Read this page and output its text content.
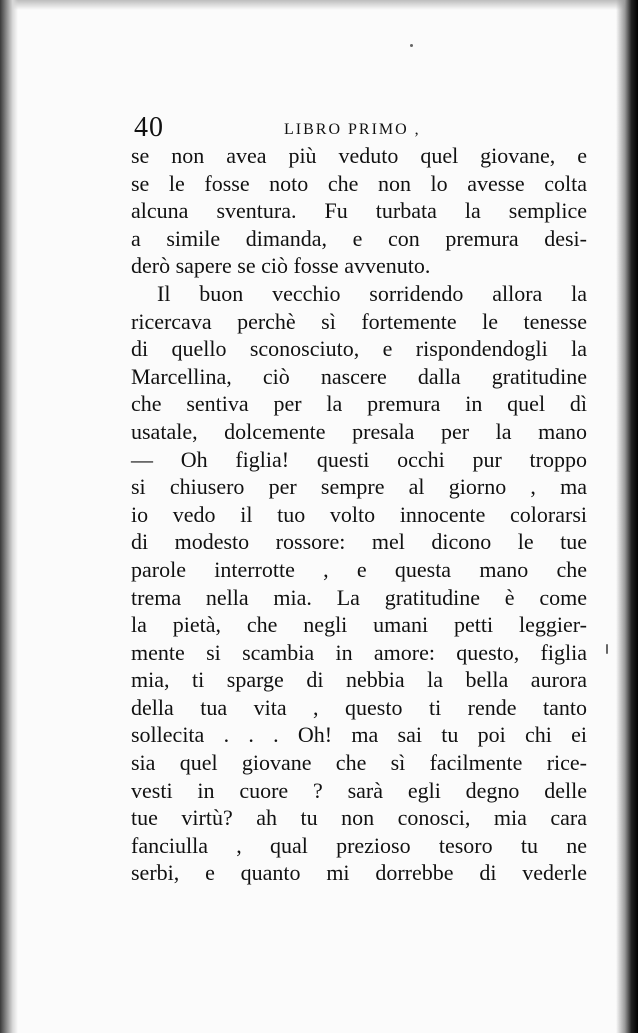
40	LIBRO PRIMO ,
se non avea più veduto quel giovane, e
se le fosse noto che non lo avesse colta
alcuna sventura. Fu turbata la semplice
a simile dimanda, e con premura desi-
derò sapere se ciò fosse avvenuto.
Il buon vecchio sorridendo allora la
ricercava perchè sì fortemente le tenesse
di quello sconosciuto, e rispondendogli la
Marcellina, ciò nascere dalla gratitudine
che sentiva per la premura in quel dì
usatale, dolcemente presala per la mano
— Oh figlia! questi occhi pur troppo
si chiusero per sempre al giorno , ma
io vedo il tuo volto innocente colorarsi
di modesto rossore: mel dicono le tue
parole interrotte , e questa mano che
trema nella mia. La gratitudine è come
la pietà, che negli umani petti leggier-
mente si scambia in amore: questo, figlia
mia, ti sparge di nebbia la bella aurora
della tua vita , questo ti rende tanto
sollecita . . . Oh! ma sai tu poi chi ei
sia quel giovane che sì facilmente rice-
vesti in cuore ? sarà egli degno delle
tue virtù? ah tu non conosci, mia cara
fanciulla , qual prezioso tesoro tu ne
serbi, e quanto mi dorrebbe di vederle
